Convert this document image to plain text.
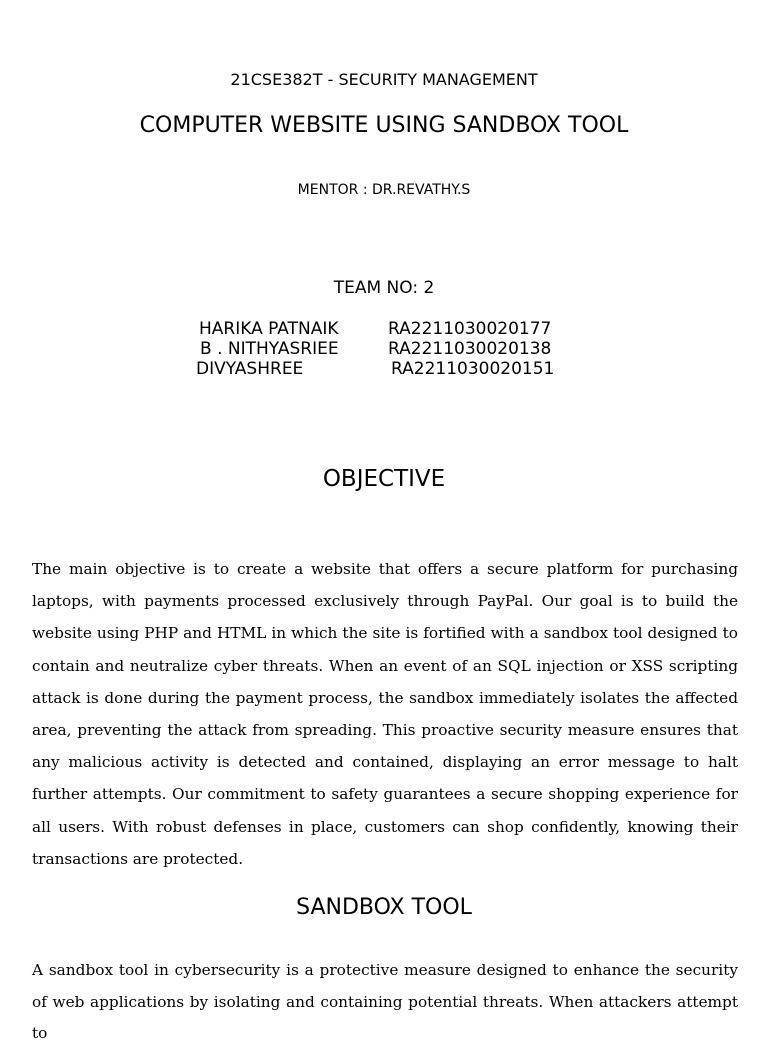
21CSE382T - SECURITY MANAGEMENT
COMPUTER WEBSITE USING SANDBOX TOOL

MENTOR : DR.REVATHY.S

TEAM NO: 2

HARIKA PATNAIK	RA2211030020177
B . NITHYASRIEE	RA2211030020138
DIVYASHREE	RA2211030020151
OBJECTIVE

The main objective is to create a website that offers a secure platform for purchasing laptops, with payments processed exclusively through PayPal. Our goal is to build the website using PHP and HTML in which the site is fortified with a sandbox tool designed to contain and neutralize cyber threats. When an event of an SQL injection or XSS scripting attack is done during the payment process, the sandbox immediately isolates the affected area, preventing the attack from spreading. This proactive security measure ensures that any malicious activity is detected and contained, displaying an error message to halt further attempts. Our commitment to safety guarantees a secure shopping experience for all users. With robust defenses in place, customers can shop confidently, knowing their transactions are protected.

SANDBOX TOOL

A sandbox tool in cybersecurity is a protective measure designed to enhance the security of web applications by isolating and containing potential threats. When attackers attempt to
